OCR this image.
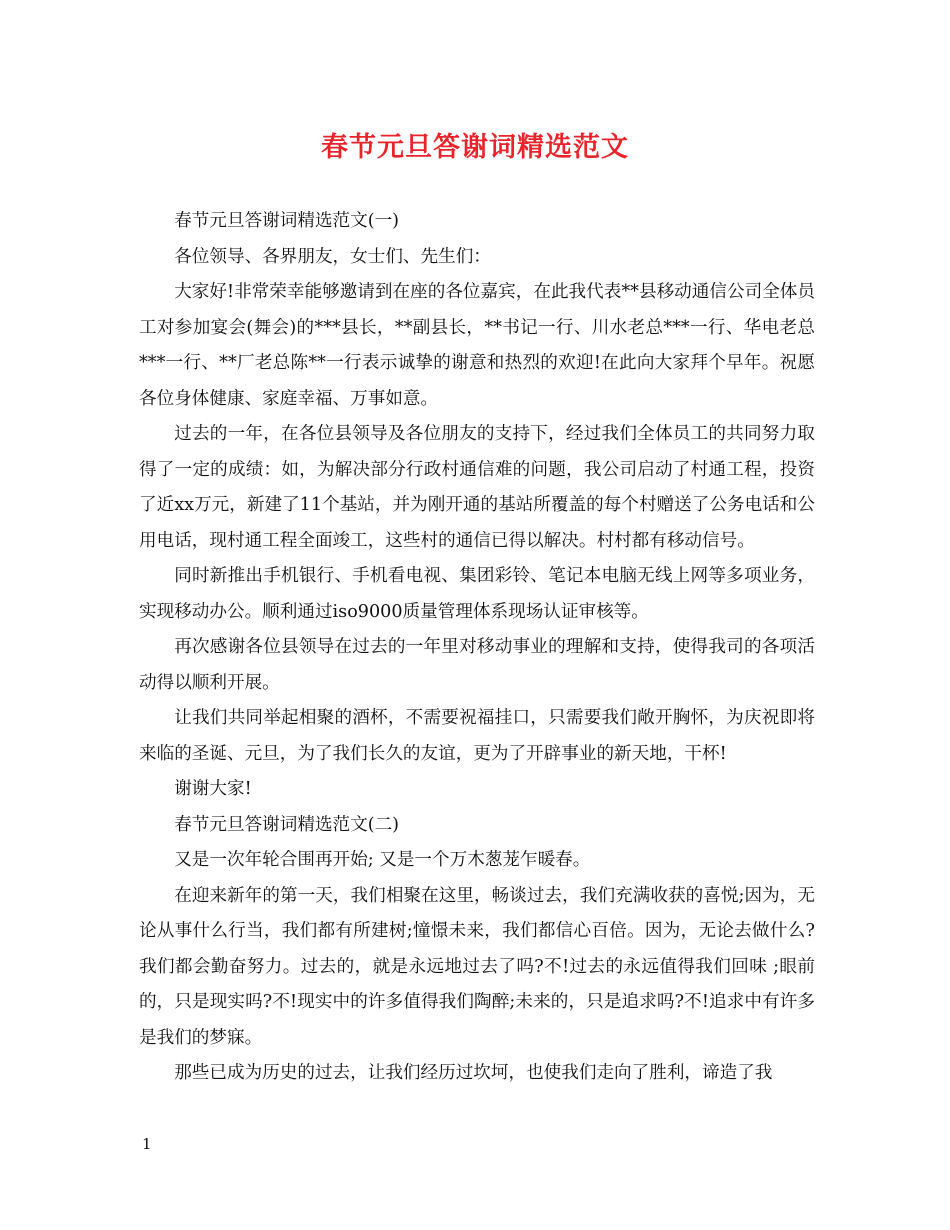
春节元旦答谢词精选范文

春节元旦答谢词精选范文(一)

各位领导、各界朋友，女士们、先生们：

大家好!非常荣幸能够邀请到在座的各位嘉宾，在此我代表**县移动通信公司全体员工对参加宴会(舞会)的***县长，**副县长，**书记一行、川水老总***一行、华电老总***一行、**厂老总陈**一行表示诚挚的谢意和热烈的欢迎!在此向大家拜个早年。祝愿各位身体健康、家庭幸福、万事如意。

过去的一年，在各位县领导及各位朋友的支持下，经过我们全体员工的共同努力取得了一定的成绩：如，为解决部分行政村通信难的问题，我公司启动了村通工程，投资了近xx万元，新建了11个基站，并为刚开通的基站所覆盖的每个村赠送了公务电话和公用电话，现村通工程全面竣工，这些村的通信已得以解决。村村都有移动信号。

同时新推出手机银行、手机看电视、集团彩铃、笔记本电脑无线上网等多项业务，实现移动办公。顺利通过iso9000质量管理体系现场认证审核等。

再次感谢各位县领导在过去的一年里对移动事业的理解和支持，使得我司的各项活动得以顺利开展。

让我们共同举起相聚的酒杯，不需要祝福挂口，只需要我们敞开胸怀，为庆祝即将来临的圣诞、元旦，为了我们长久的友谊，更为了开辟事业的新天地，干杯!

谢谢大家!

春节元旦答谢词精选范文(二)

又是一次年轮合围再开始; 又是一个万木葱茏乍暖春。

在迎来新年的第一天，我们相聚在这里，畅谈过去，我们充满收获的喜悦;因为，无论从事什么行当，我们都有所建树;憧憬未来，我们都信心百倍。因为，无论去做什么?我们都会勤奋努力。过去的，就是永远地过去了吗?不!过去的永远值得我们回味 ;眼前的，只是现实吗?不!现实中的许多值得我们陶醉;未来的，只是追求吗?不!追求中有许多是我们的梦寐。

那些已成为历史的过去，让我们经历过坎坷，也使我们走向了胜利，谛造了我

1
